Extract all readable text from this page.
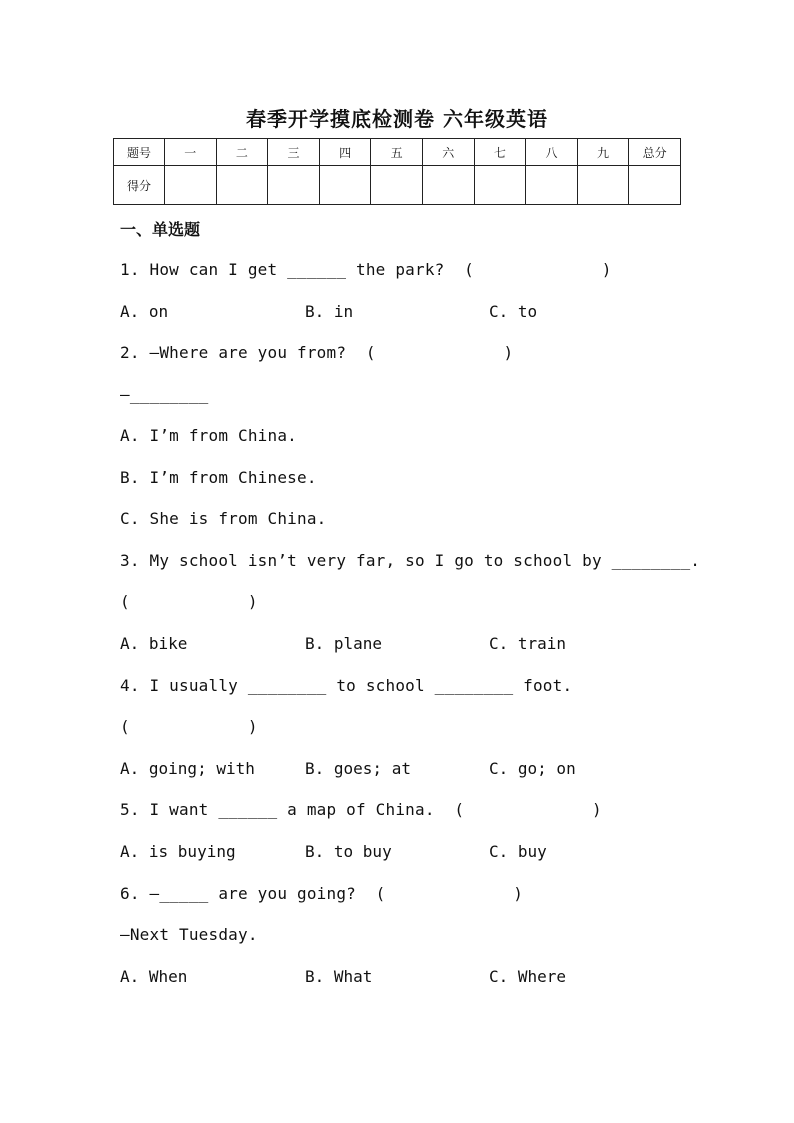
春季开学摸底检测卷 六年级英语
题号	一	二	三	四	五	六	七	八	九	总分
得分										
一、单选题
1. How can I get ______ the park?  (             )
A. on	B. in	C. to
2. —Where are you from?  (             )
—________
A. I’m from China.
B. I’m from Chinese.
C. She is from China.
3. My school isn’t very far, so I go to school by ________.
(            )
A. bike	B. plane	C. train
4. I usually ________ to school ________ foot.
(            )
A. going; with	B. goes; at	C. go; on
5. I want ______ a map of China.  (             )
A. is buying	B. to buy	C. buy
6. —_____ are you going?  (             )
—Next Tuesday.
A. When	B. What	C. Where
